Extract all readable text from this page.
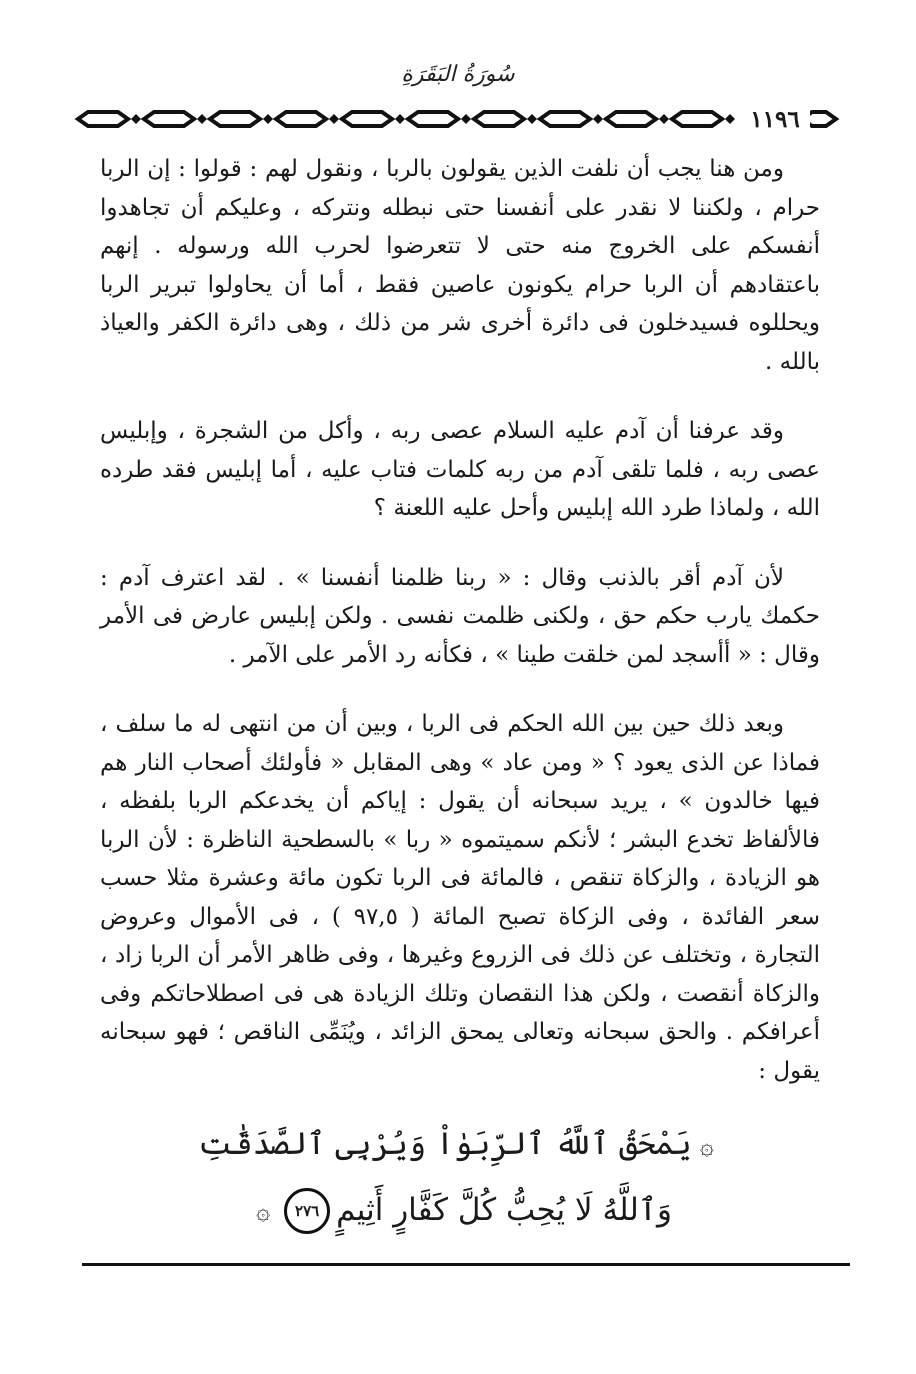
سُورَةُ البَقَرَةِ
١١٩٦

ومن هنا يجب أن نلفت الذين يقولون بالربا ، ونقول لهم : قولوا : إن الربا حرام ، ولكننا لا نقدر على أنفسنا حتى نبطله ونتركه ، وعليكم أن تجاهدوا أنفسكم على الخروج منه حتى لا تتعرضوا لحرب الله ورسوله . إنهم باعتقادهم أن الربا حرام يكونون عاصين فقط ، أما أن يحاولوا تبرير الربا ويحللوه فسيدخلون فى دائرة أخرى شر من ذلك ، وهى دائرة الكفر والعياذ بالله .

وقد عرفنا أن آدم عليه السلام عصى ربه ، وأكل من الشجرة ، وإبليس عصى ربه ، فلما تلقى آدم من ربه كلمات فتاب عليه ، أما إبليس فقد طرده الله ، ولماذا طرد الله إبليس وأحل عليه اللعنة ؟

لأن آدم أقر بالذنب وقال : « ربنا ظلمنا أنفسنا » . لقد اعترف آدم : حكمك يارب حكم حق ، ولكنى ظلمت نفسى . ولكن إبليس عارض فى الأمر وقال : « أأسجد لمن خلقت طينا » ، فكأنه رد الأمر على الآمر .

وبعد ذلك حين بين الله الحكم فى الربا ، وبين أن من انتهى له ما سلف ، فماذا عن الذى يعود ؟ « ومن عاد » وهى المقابل « فأولئك أصحاب النار هم فيها خالدون » ، يريد سبحانه أن يقول : إياكم أن يخدعكم الربا بلفظه ، فالألفاظ تخدع البشر ؛ لأنكم سميتموه « ربا » بالسطحية الناظرة : لأن الربا هو الزيادة ، والزكاة تنقص ، فالمائة فى الربا تكون مائة وعشرة مثلا حسب سعر الفائدة ، وفى الزكاة تصبح المائة ( ٩٧,٥ ) ، فى الأموال وعروض التجارة ، وتختلف عن ذلك فى الزروع وغيرها ، وفى ظاهر الأمر أن الربا زاد ، والزكاة أنقصت ، ولكن هذا النقصان وتلك الزيادة هى فى اصطلاحاتكم وفى أعرافكم . والحق سبحانه وتعالى يمحق الزائد ، ويُنَمِّى الناقص ؛ فهو سبحانه يقول :

۞يَمْحَقُ ٱللَّهُ ٱلرِّبَوٰاْ وَيُرْبِى ٱلصَّدَقَٰتِ
وَٱللَّهُ لَا يُحِبُّ كُلَّ كَفَّارٍ أَثِيمٍ٢٧٦۞
